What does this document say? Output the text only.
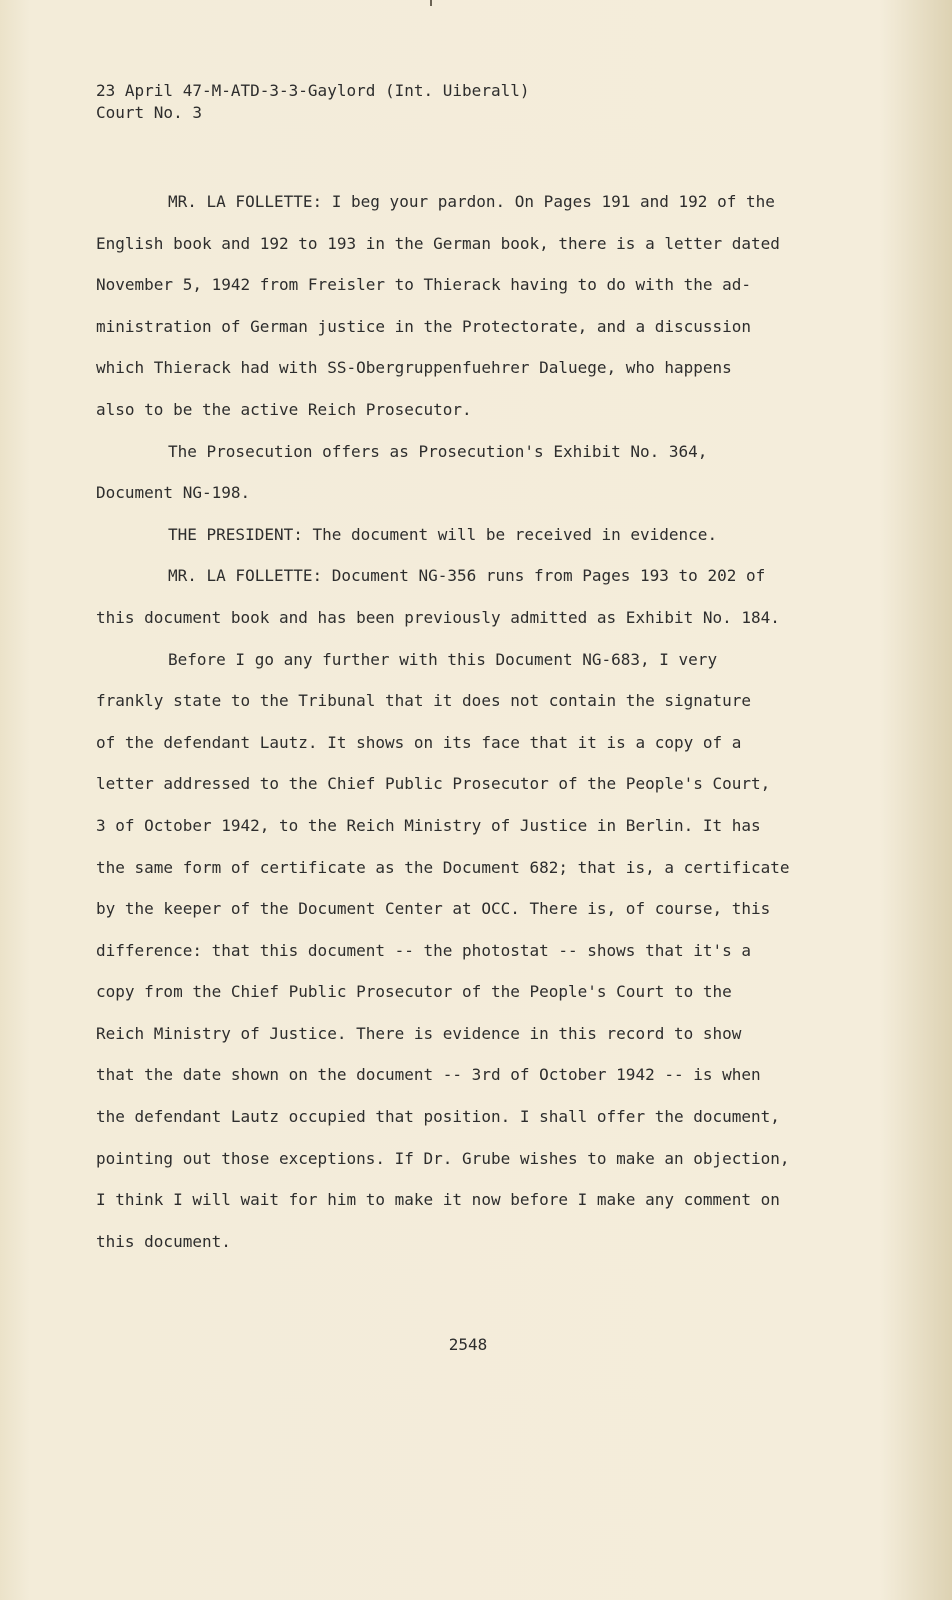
23 April 47-M-ATD-3-3-Gaylord (Int. Uiberall)
Court No. 3
MR. LA FOLLETTE: I beg your pardon. On Pages 191 and 192 of the
English book and 192 to 193 in the German book, there is a letter dated
November 5, 1942 from Freisler to Thierack having to do with the ad-
ministration of German justice in the Protectorate, and a discussion
which Thierack had with SS-Obergruppenfuehrer Daluege, who happens
also to be the active Reich Prosecutor.
The Prosecution offers as Prosecution's Exhibit No. 364,
Document NG-198.
THE PRESIDENT: The document will be received in evidence.
MR. LA FOLLETTE: Document NG-356 runs from Pages 193 to 202 of
this document book and has been previously admitted as Exhibit No. 184.
Before I go any further with this Document NG-683, I very
frankly state to the Tribunal that it does not contain the signature
of the defendant Lautz. It shows on its face that it is a copy of a
letter addressed to the Chief Public Prosecutor of the People's Court,
3 of October 1942, to the Reich Ministry of Justice in Berlin. It has
the same form of certificate as the Document 682; that is, a certificate
by the keeper of the Document Center at OCC. There is, of course, this
difference: that this document -- the photostat -- shows that it's a
copy from the Chief Public Prosecutor of the People's Court to the
Reich Ministry of Justice. There is evidence in this record to show
that the date shown on the document -- 3rd of October 1942 -- is when
the defendant Lautz occupied that position. I shall offer the document,
pointing out those exceptions. If Dr. Grube wishes to make an objection,
I think I will wait for him to make it now before I make any comment on
this document.
2548
